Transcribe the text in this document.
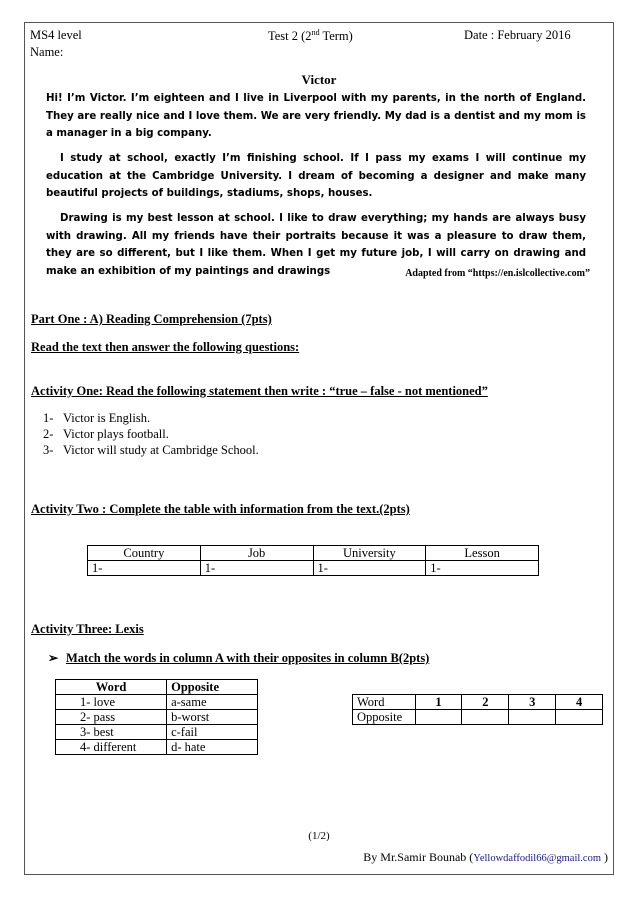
MS4 level	Test 2 (2nd Term)	Date : February 2016
Name:
Victor
Hi! I’m Victor. I’m eighteen and I live in Liverpool with my parents, in the north of England. They are really nice and I love them. We are very friendly. My dad is a dentist and my mom is a manager in a big company.
I study at school, exactly I’m finishing school. If I pass my exams I will continue my education at the Cambridge University. I dream of becoming a designer and make many beautiful projects of buildings, stadiums, shops, houses.
Drawing is my best lesson at school. I like to draw everything; my hands are always busy with drawing. All my friends have their portraits because it was a pleasure to draw them, they are so different, but I like them. When I get my future job, I will carry on drawing and make an exhibition of my paintings and drawings	Adapted from “https://en.islcollective.com”
Part One : A) Reading Comprehension (7pts)
Read the text then answer the following questions:
Activity One: Read the following statement then write : “true – false - not mentioned”
1- Victor is English.
2- Victor plays football.
3- Victor will study at Cambridge School.
Activity Two : Complete the table with information from the text.(2pts)
Country	Job	University	Lesson
1-	1-	1-	1-
Activity Three: Lexis
➢ Match the words in column A with their opposites in column B(2pts)
Word	Opposite
1- love	a-same
2- pass	b-worst
3- best	c-fail
4- different	d- hate
Word	1	2	3	4
Opposite				
(1/2)
By Mr.Samir Bounab (Yellowdaffodil66@gmail.com )
